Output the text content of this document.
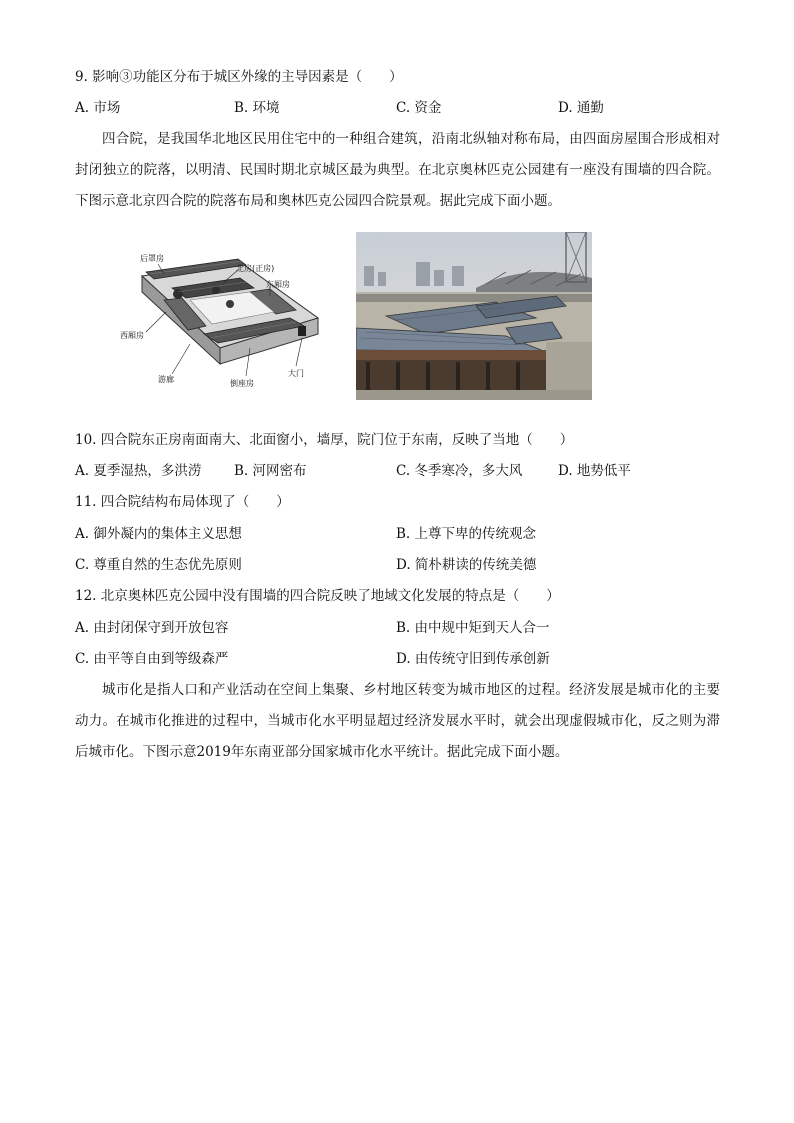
9. 影响③功能区分布于城区外缘的主导因素是（　　）
A. 市场	B. 环境	C. 资金	D. 通勤
四合院，是我国华北地区民用住宅中的一种组合建筑，沿南北纵轴对称布局，由四面房屋围合形成相对封闭独立的院落，以明清、民国时期北京城区最为典型。在北京奥林匹克公园建有一座没有围墙的四合院。下图示意北京四合院的院落布局和奥林匹克公园四合院景观。据此完成下面小题。
后罩房
北房(正房)
东厢房
西厢房
游廊	倒座房
大门
10. 四合院东正房南面南大、北面窗小，墙厚，院门位于东南，反映了当地（　　）
A. 夏季湿热，多洪涝 B. 河网密布	C. 冬季寒冷，多大风	D. 地势低平
11. 四合院结构布局体现了（　　）
A. 御外凝内的集体主义思想	B. 上尊下卑的传统观念
C. 尊重自然的生态优先原则	D. 简朴耕读的传统美德
12. 北京奥林匹克公园中没有围墙的四合院反映了地域文化发展的特点是（　　）
A. 由封闭保守到开放包容	B. 由中规中矩到天人合一
C. 由平等自由到等级森严	D. 由传统守旧到传承创新
城市化是指人口和产业活动在空间上集聚、乡村地区转变为城市地区的过程。经济发展是城市化的主要动力。在城市化推进的过程中，当城市化水平明显超过经济发展水平时，就会出现虚假城市化，反之则为滞后城市化。下图示意2019年东南亚部分国家城市化水平统计。据此完成下面小题。
